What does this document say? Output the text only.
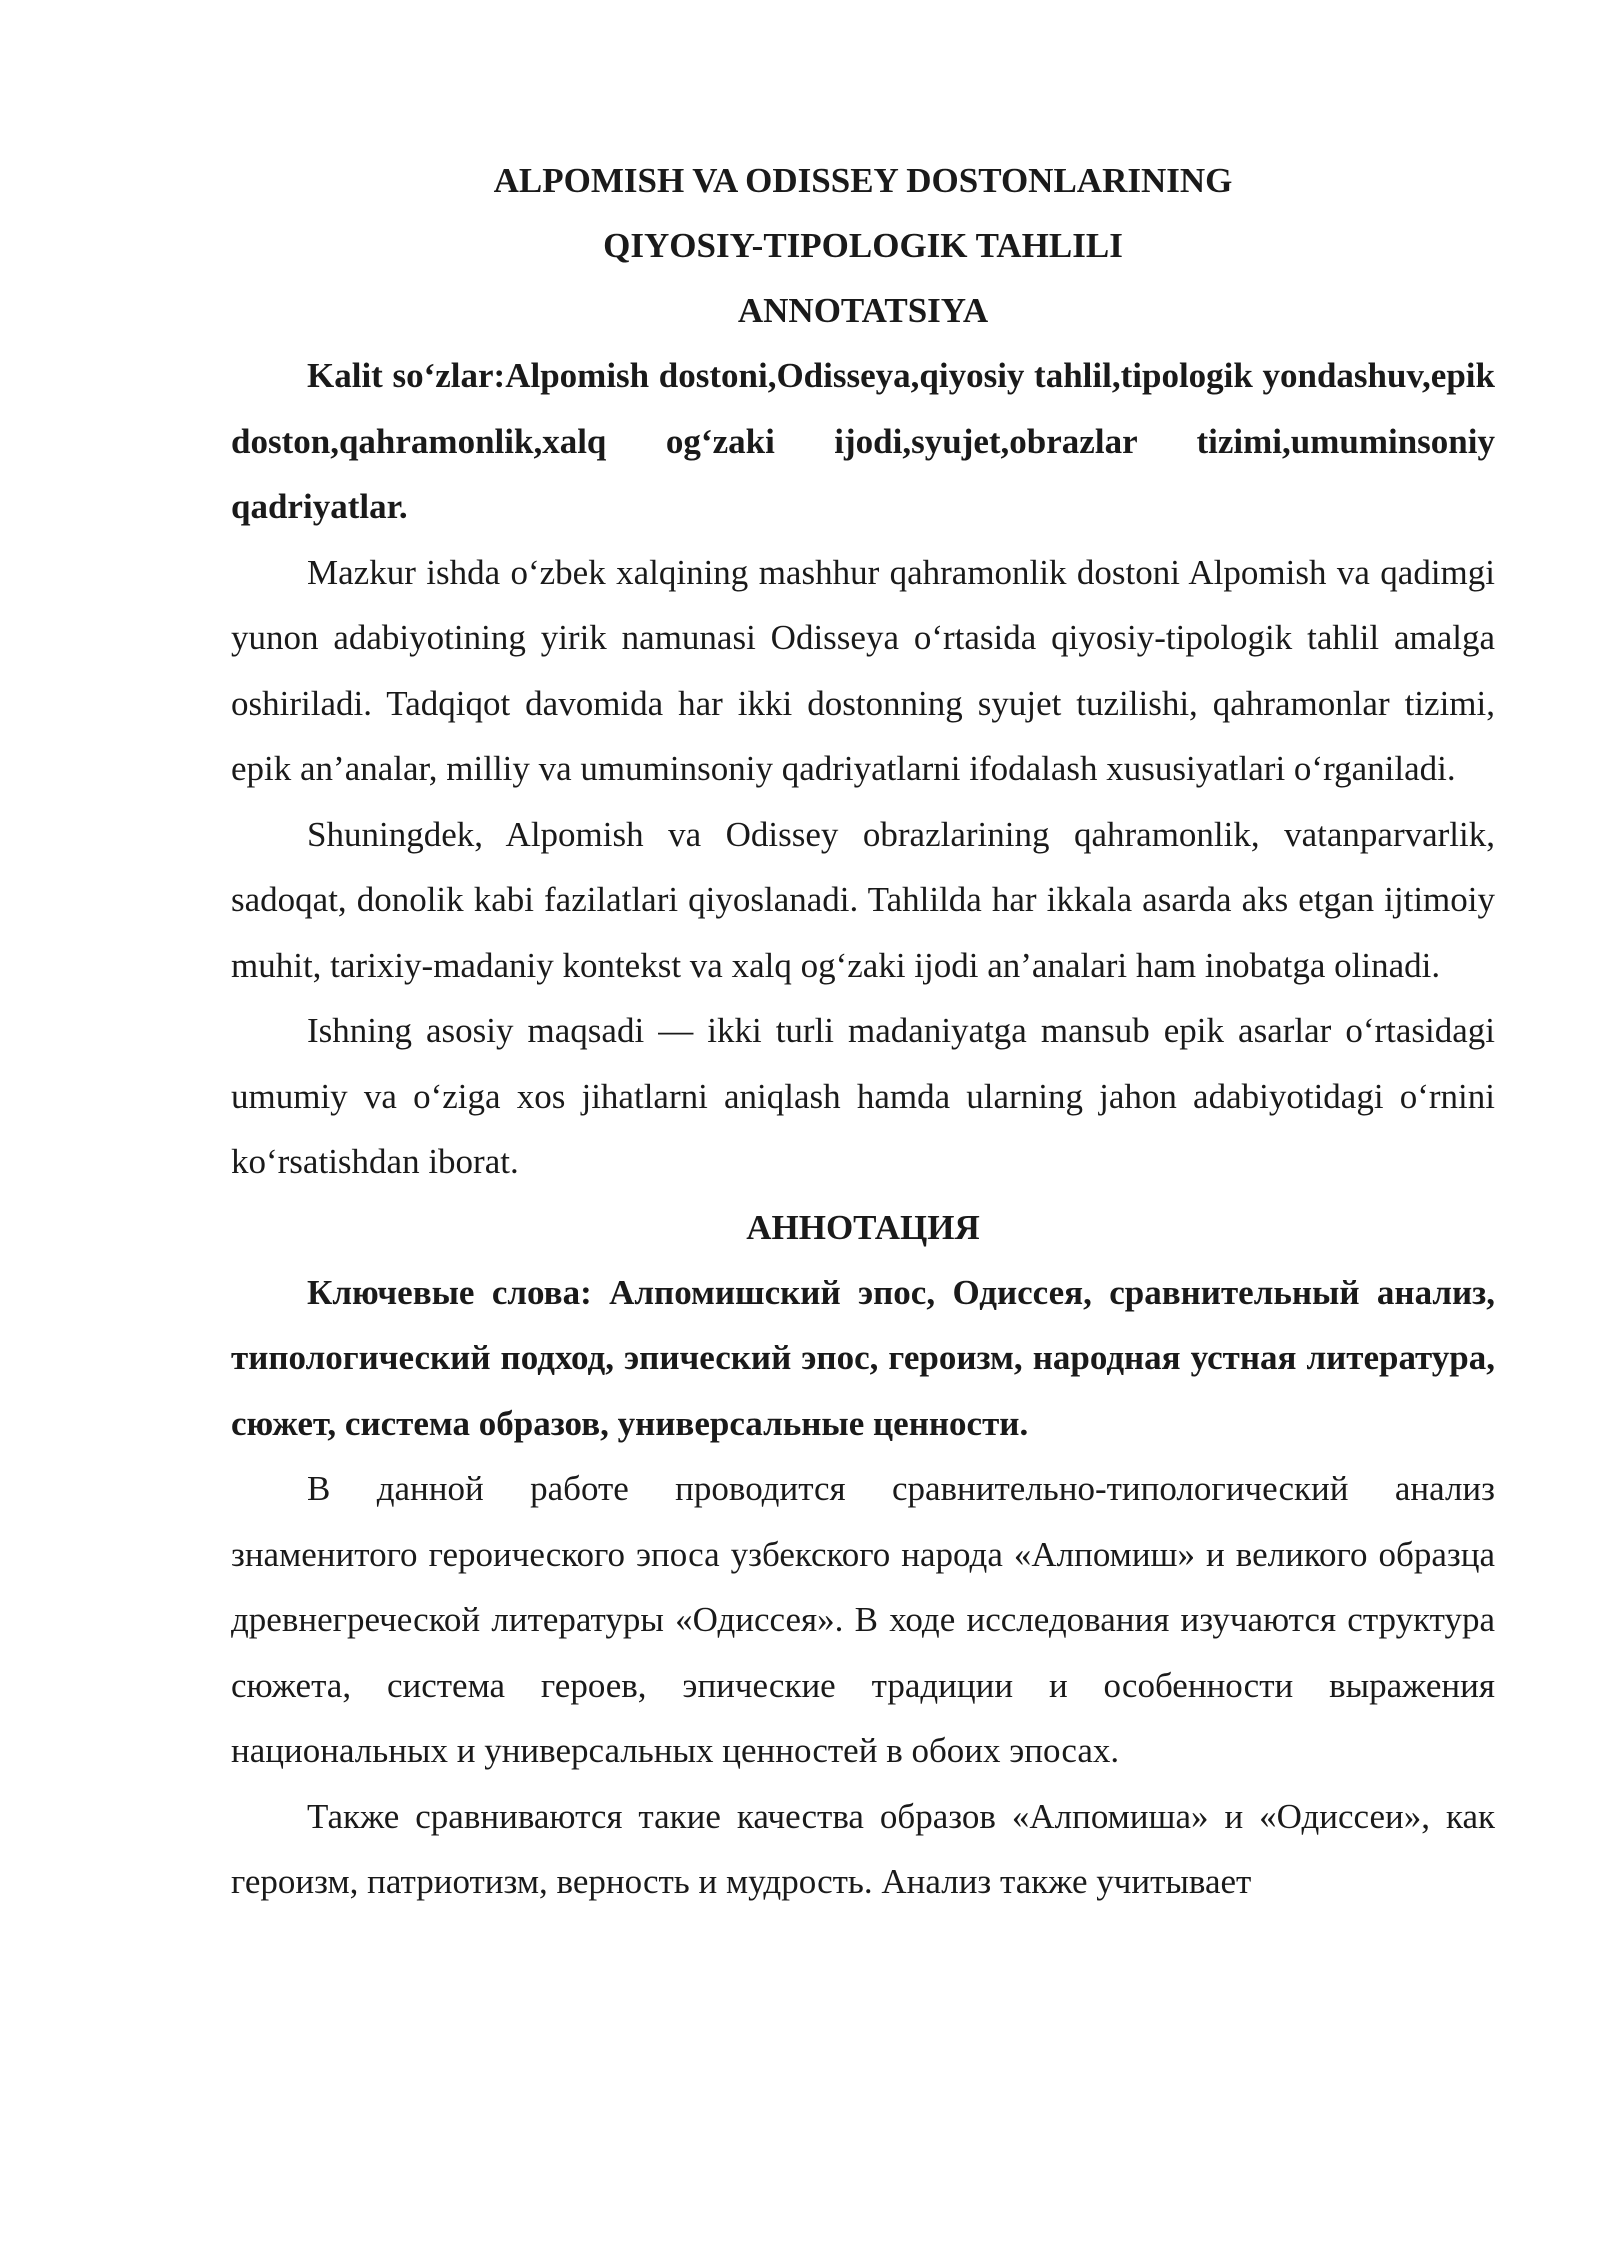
ALPOMISH VA ODISSEY DOSTONLARINING

QIYOSIY-TIPOLOGIK TAHLILI

ANNOTATSIYA

Kalit so‘zlar:Alpomish dostoni,Odisseya,qiyosiy tahlil,tipologik yondashuv,epik doston,qahramonlik,xalq og‘zaki ijodi,syujet,obrazlar tizimi,umuminsoniy qadriyatlar.

Mazkur ishda o‘zbek xalqining mashhur qahramonlik dostoni Alpomish va qadimgi yunon adabiyotining yirik namunasi Odisseya o‘rtasida qiyosiy-tipologik tahlil amalga oshiriladi. Tadqiqot davomida har ikki dostonning syujet tuzilishi, qahramonlar tizimi, epik an’analar, milliy va umuminsoniy qadriyatlarni ifodalash xususiyatlari o‘rganiladi.

Shuningdek, Alpomish va Odissey obrazlarining qahramonlik, vatanparvarlik, sadoqat, donolik kabi fazilatlari qiyoslanadi. Tahlilda har ikkala asarda aks etgan ijtimoiy muhit, tarixiy-madaniy kontekst va xalq og‘zaki ijodi an’analari ham inobatga olinadi.

Ishning asosiy maqsadi — ikki turli madaniyatga mansub epik asarlar o‘rtasidagi umumiy va o‘ziga xos jihatlarni aniqlash hamda ularning jahon adabiyotidagi o‘rnini ko‘rsatishdan iborat.

АННОТАЦИЯ

Ключевые слова: Алпомишский эпос, Одиссея, сравнительный анализ, типологический подход, эпический эпос, героизм, народная устная литература, сюжет, система образов, универсальные ценности.

В данной работе проводится сравнительно-типологический анализ знаменитого героического эпоса узбекского народа «Алпомиш» и великого образца древнегреческой литературы «Одиссея». В ходе исследования изучаются структура сюжета, система героев, эпические традиции и особенности выражения национальных и универсальных ценностей в обоих эпосах.

Также сравниваются такие качества образов «Алпомиша» и «Одиссеи», как героизм, патриотизм, верность и мудрость. Анализ также учитывает
